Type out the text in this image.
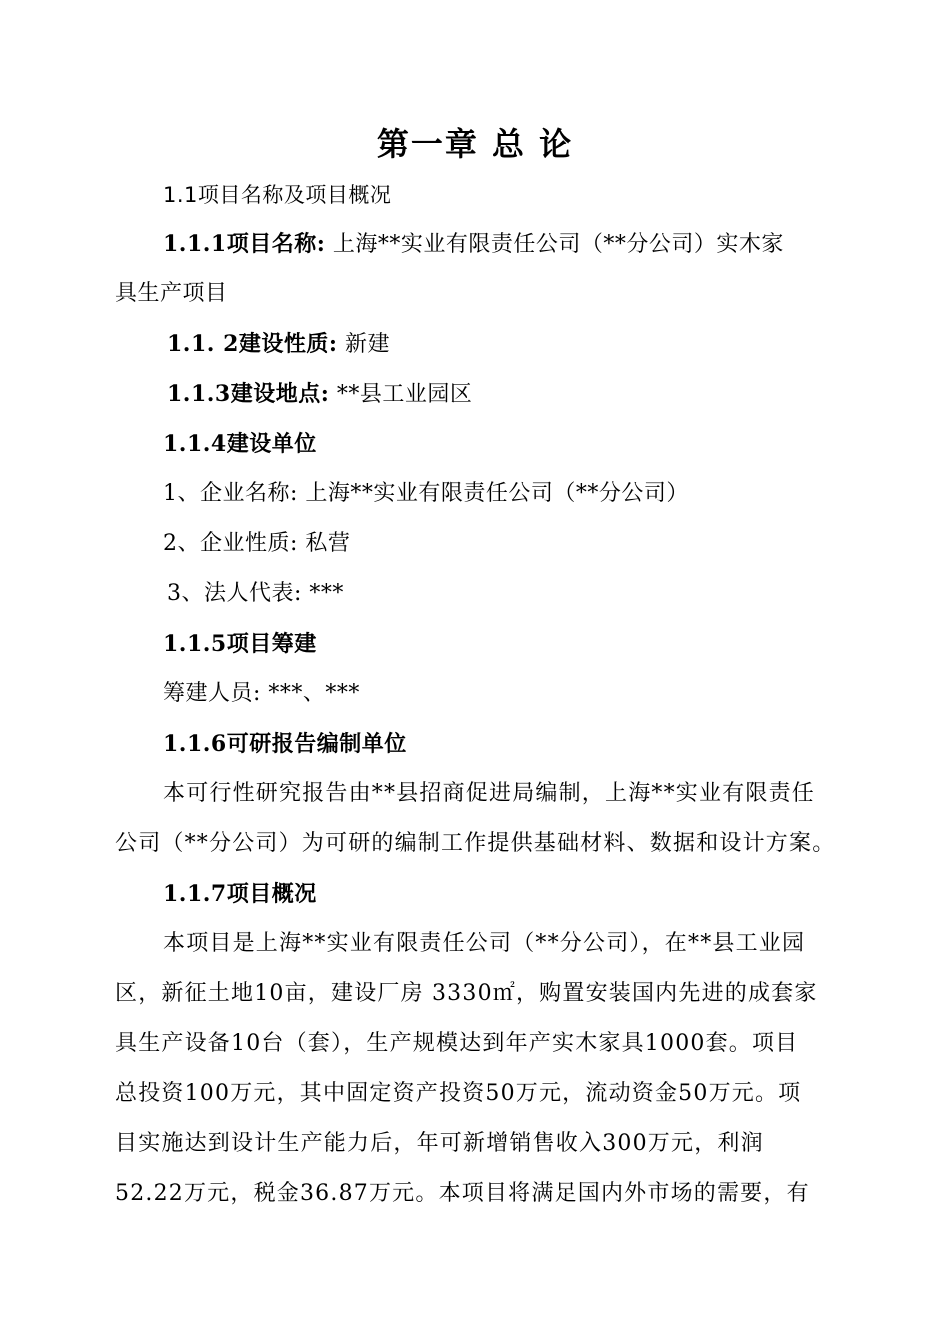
第一章 总 论
1.1项目名称及项目概况
1.1.1项目名称: 上海**实业有限责任公司（**分公司）实木家
具生产项目
1.1. 2建设性质: 新建
1.1.3建设地点: **县工业园区
1.1.4建设单位
1、企业名称: 上海**实业有限责任公司（**分公司）
2、企业性质: 私营
3、法人代表: ***
1.1.5项目筹建
筹建人员: ***、***
1.1.6可研报告编制单位
本可行性研究报告由**县招商促进局编制，上海**实业有限责任
公司（**分公司）为可研的编制工作提供基础材料、数据和设计方案。
1.1.7项目概况
本项目是上海**实业有限责任公司（**分公司），在**县工业园
区，新征土地10亩，建设厂房 3330㎡，购置安装国内先进的成套家
具生产设备10台（套），生产规模达到年产实木家具1000套。项目
总投资100万元，其中固定资产投资50万元，流动资金50万元。项
目实施达到设计生产能力后，年可新增销售收入300万元，利润
52.22万元，税金36.87万元。本项目将满足国内外市场的需要，有
